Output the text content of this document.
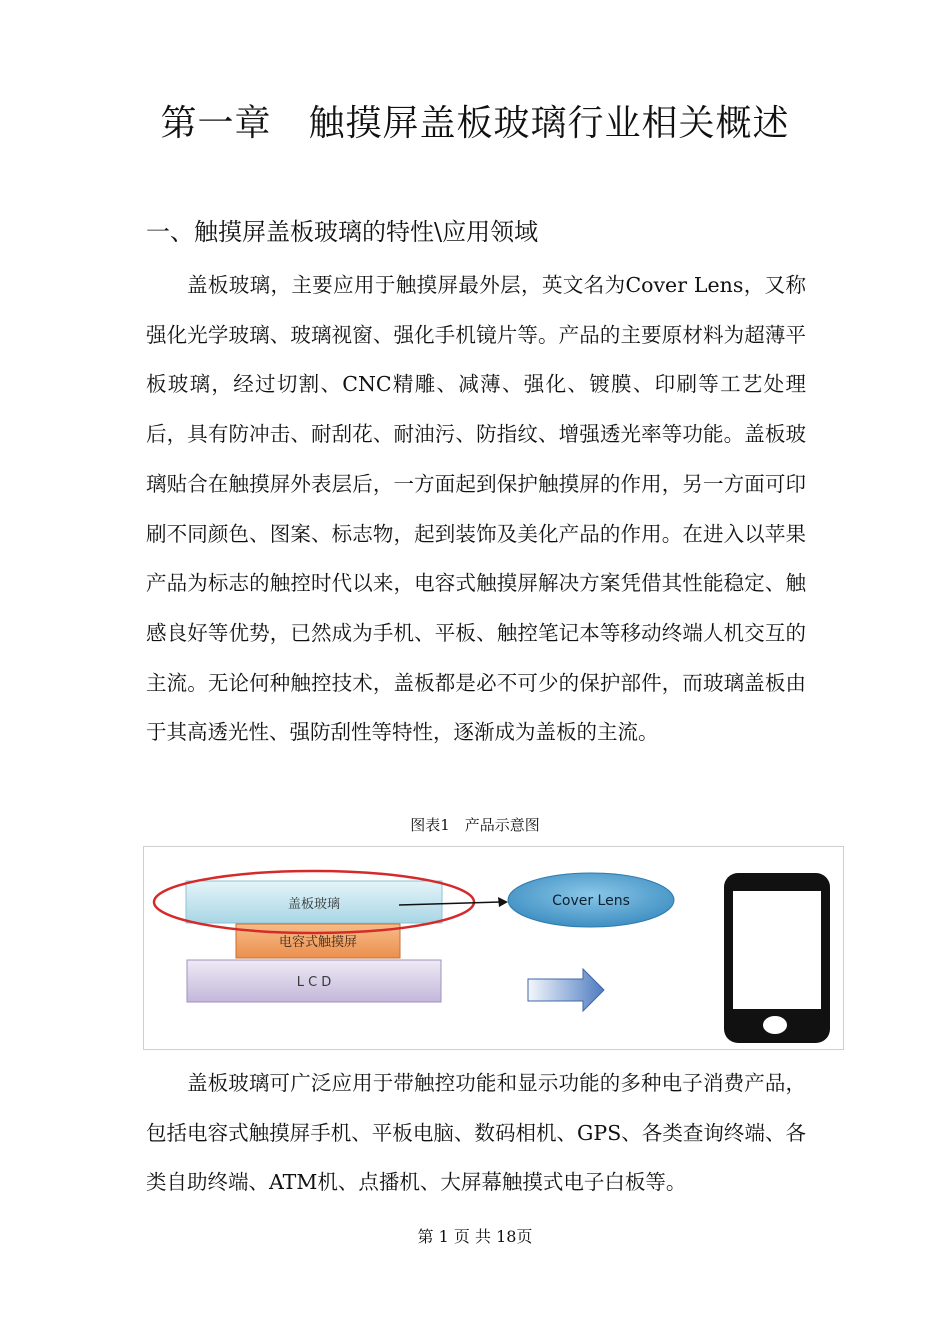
第一章　触摸屏盖板玻璃行业相关概述
一、触摸屏盖板玻璃的特性\应用领域

盖板玻璃，主要应用于触摸屏最外层，英文名为Cover Lens，又称强化光学玻璃、玻璃视窗、强化手机镜片等。产品的主要原材料为超薄平板玻璃，经过切割、CNC精雕、减薄、强化、镀膜、印刷等工艺处理后，具有防冲击、耐刮花、耐油污、防指纹、增强透光率等功能。盖板玻璃贴合在触摸屏外表层后，一方面起到保护触摸屏的作用，另一方面可印刷不同颜色、图案、标志物，起到装饰及美化产品的作用。在进入以苹果产品为标志的触控时代以来，电容式触摸屏解决方案凭借其性能稳定、触感良好等优势，已然成为手机、平板、触控笔记本等移动终端人机交互的主流。无论何种触控技术，盖板都是必不可少的保护部件，而玻璃盖板由于其高透光性、强防刮性等特性，逐渐成为盖板的主流。

图表1　产品示意图

L C D
电容式触摸屏
盖板玻璃	Cover Lens

盖板玻璃可广泛应用于带触控功能和显示功能的多种电子消费产品，包括电容式触摸屏手机、平板电脑、数码相机、GPS、各类查询终端、各类自助终端、ATM机、点播机、大屏幕触摸式电子白板等。

第 1 页 共 18页
